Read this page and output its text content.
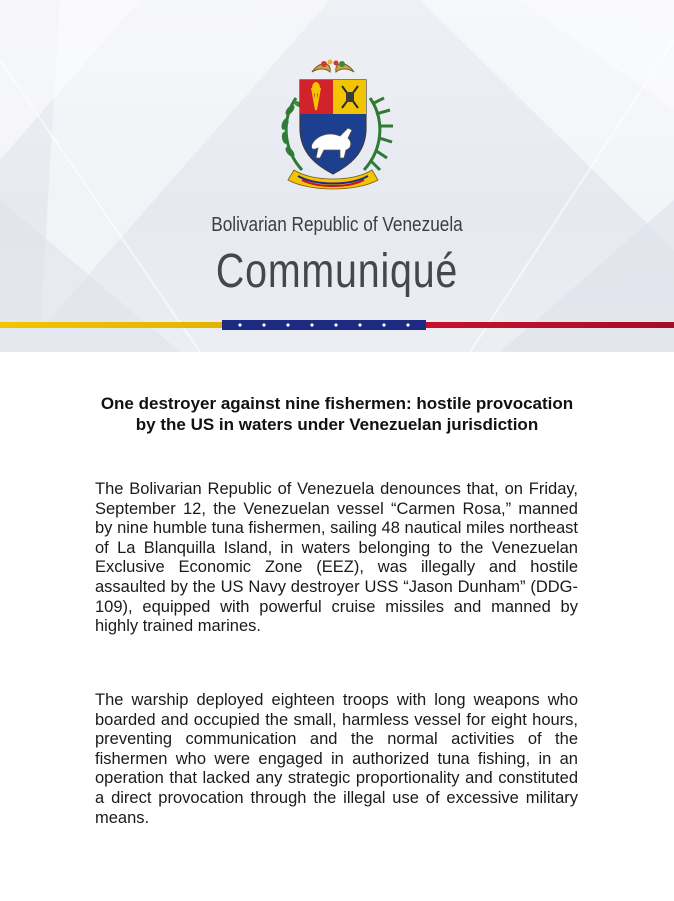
Bolivarian Republic of Venezuela
Communiqué
One destroyer against nine fishermen: hostile provocation by the US in waters under Venezuelan jurisdiction

The Bolivarian Republic of Venezuela denounces that, on Friday, September 12, the Venezuelan vessel “Carmen Rosa,” manned by nine humble tuna fishermen, sailing 48 nautical miles northeast of La Blanquilla Island, in waters belonging to the Venezuelan Exclusive Economic Zone (EEZ), was illegally and hostile assaulted by the US Navy destroyer USS “Jason Dunham” (DDG-109), equipped with powerful cruise missiles and manned by highly trained marines.

The warship deployed eighteen troops with long weapons who boarded and occupied the small, harmless vessel for eight hours, preventing communication and the normal activities of the fishermen who were engaged in authorized tuna fishing, in an operation that lacked any strategic proportionality and constituted a direct provocation through the illegal use of excessive military means.
